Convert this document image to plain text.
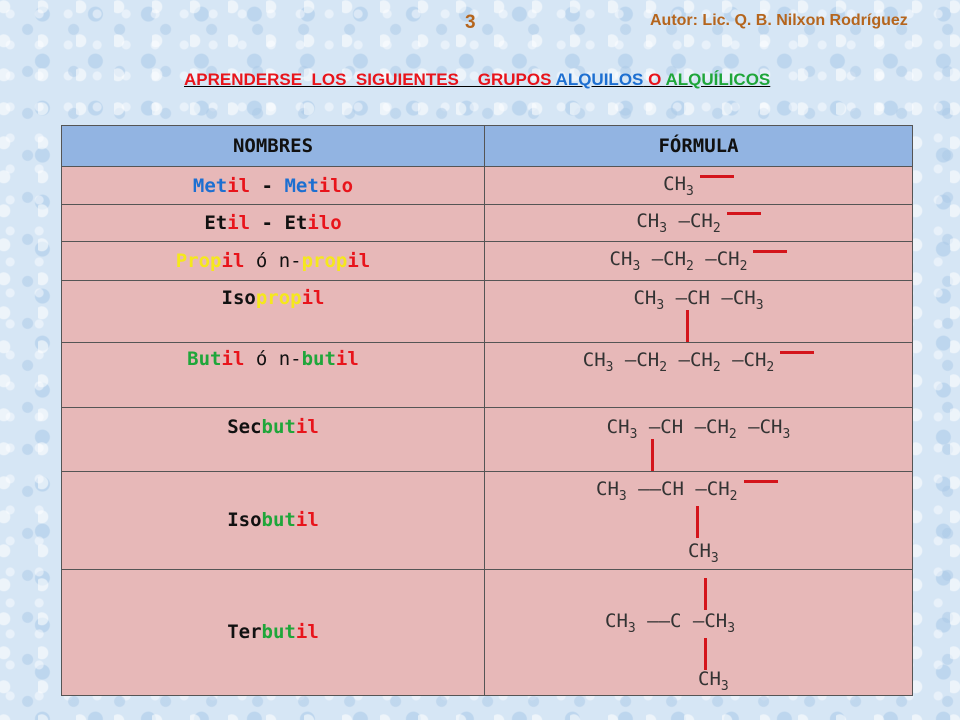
3	Autor: Lic. Q. B. Nilxon Rodríguez
APRENDERSE  LOS  SIGUIENTES    GRUPOS ALQUILOS O ALQUÍLICOS
NOMBRES	FÓRMULA
Metil - Metilo	$CH_3$
Etil - Etilo	$CH_3$ $-CH_2$
Propil ó n-propil	$CH_3$ $-CH_2$ $-CH_2$
Isopropil	$CH_3$ –CH $-CH_3$

Butil ó n-butil	$CH_3$ $-CH_2$ $-CH_2$ $-CH_2$
Secbutil	$CH_3$ –CH $-CH_2$ $-CH_3$

Isobutil	$CH_3$ ––CH $-CH_2$
$CH_3$

Terbutil	$CH_3$ ––C $-CH_3$
$CH_3$
